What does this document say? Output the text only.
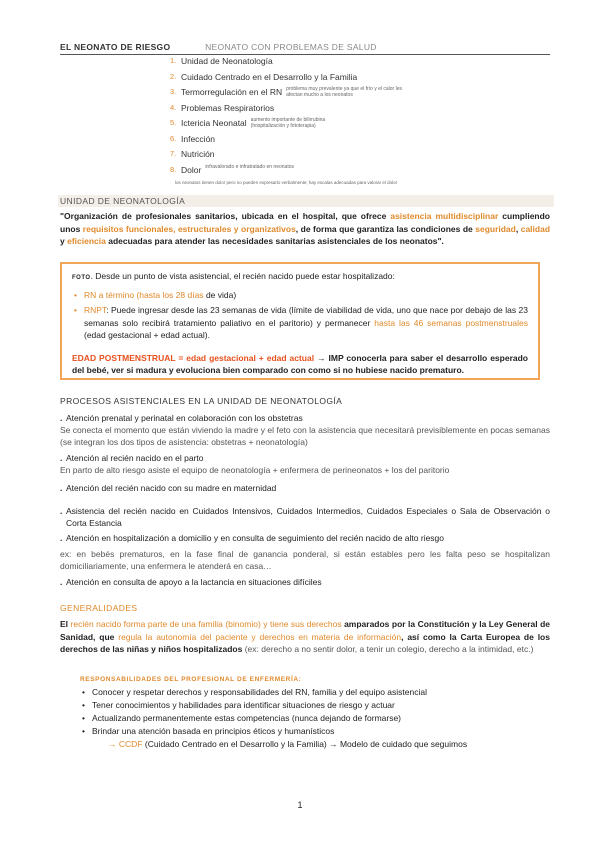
EL NEONATO DE RIESGO	NEONATO CON PROBLEMAS DE SALUD
1. Unidad de Neonatología
2. Cuidado Centrado en el Desarrollo y la Familia
3. Termorregulación en el RN problema muy prevalente ya que el frío y el calor les afectan mucho a los neonatos
4. Problemas Respiratorios
5. Ictericia Neonatal aumento importante de bilirrubina (hospitalización y fototerapia)
6. Infección
7. Nutrición
8. Dolor infravalorado e infratratado en neonatos
los neonatos tienen dolor pero no pueden expresarlo verbalmente; hay escalas adecuadas para valorar el dolor
UNIDAD DE NEONATOLOGÍA
"Organización de profesionales sanitarios, ubicada en el hospital, que ofrece asistencia multidisciplinar cumpliendo unos requisitos funcionales, estructurales y organizativos, de forma que garantiza las condiciones de seguridad, calidad y eficiencia adecuadas para atender las necesidades sanitarias asistenciales de los neonatos".
FOTO. Desde un punto de vista asistencial, el recién nacido puede estar hospitalizado:
• RN a término (hasta los 28 días de vida)
• RNPT: Puede ingresar desde las 23 semanas de vida (límite de viabilidad de vida, uno que nace por debajo de las 23 semanas solo recibirá tratamiento paliativo en el paritorio) y permanecer hasta las 46 semanas postmenstruales (edad gestacional + edad actual).
EDAD POSTMENSTRUAL = edad gestacional + edad actual → IMP conocerla para saber el desarrollo esperado del bebé, ver si madura y evoluciona bien comparado con como si no hubiese nacido prematuro.
PROCESOS ASISTENCIALES EN LA UNIDAD DE NEONATOLOGÍA
. Atención prenatal y perinatal en colaboración con los obstetras
Se conecta el momento que están viviendo la madre y el feto con la asistencia que necesitará previsiblemente en pocas semanas (se integran los dos tipos de asistencia: obstetras + neonatología)
. Atención al recién nacido en el parto
En parto de alto riesgo asiste el equipo de neonatología + enfermera de perineonatos + los del paritorio
. Atención del recién nacido con su madre en maternidad
. Asistencia del recién nacido en Cuidados Intensivos, Cuidados Intermedios, Cuidados Especiales o Sala de Observación o Corta Estancia
. Atención en hospitalización a domicilio y en consulta de seguimiento del recién nacido de alto riesgo
ex: en bebés prematuros, en la fase final de ganancia ponderal, si están estables pero les falta peso se hospitalizan domiciliariamente, una enfermera le atenderá en casa…
. Atención en consulta de apoyo a la lactancia en situaciones difíciles
GENERALIDADES
El recién nacido forma parte de una familia (binomio) y tiene sus derechos amparados por la Constitución y la Ley General de Sanidad, que regula la autonomía del paciente y derechos en materia de información, así como la Carta Europea de los derechos de las niñas y niños hospitalizados (ex: derecho a no sentir dolor, a tenir un colegio, derecho a la intimidad, etc.)
RESPONSABILIDADES DEL PROFESIONAL DE ENFERMERÍA:
• Conocer y respetar derechos y responsabilidades del RN, familia y del equipo asistencial
• Tener conocimientos y habilidades para identificar situaciones de riesgo y actuar
• Actualizando permanentemente estas competencias (nunca dejando de formarse)
• Brindar una atención basada en principios éticos y humanísticos
→ CCDF (Cuidado Centrado en el Desarrollo y la Familia) → Modelo de cuidado que seguimos
1
